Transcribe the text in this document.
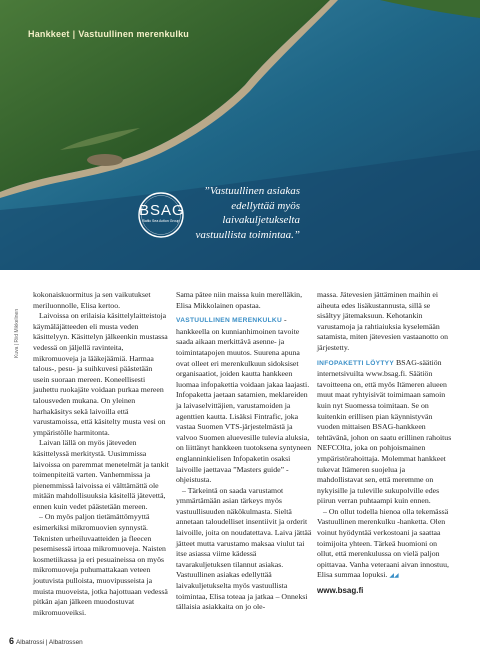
Hankkeet | Vastuullinen merenkulku
BSAG
Baltic Sea Action Group
”Vastuullinen asiakas edellyttää myös laivakuljetukselta vastuullista toimintaa.”
Kuva | Riid Mikkelinen

kokonaiskuormitus ja sen vaikutukset meriluonnolle, Elisa kertoo.

Laivoissa on erilaisia käsittelylaitteistoja käymäläjätteeden eli musta veden käsittelyyn. Käsittelyn jälkeenkin mustassa vedessä on jäljellä ravinteita, mikromuoveja ja lääkejäämiä. Harmaa talous-, pesu- ja suihkuvesi päästetään usein suoraan mereen. Koneellisesti jauhettu ruokajäte voidaan purkaa mereen talousveden mukana. On yleinen harhakäsitys sekä laivoilla että varustamoissa, että käsitelty musta vesi on ympäristölle harmitonta.

Laivan lällä on myös jäteveden käsittelyssä merkitystä. Uusimmissa laivoissa on paremmat menetelmät ja tankit toimenpiteitä varten. Vanhemmissa ja pienemmissä laivoissa ei välttämättä ole mitään mahdollisuuksia käsitellä jätevettä, ennen kuin vedet päästetään mereen.

– On myös paljon tietämättömyyttä esimerkiksi mikromuovien synnystä. Teknisten urheiluvaatteiden ja fleecen pesemisessä irtoaa mikromuoveja. Naisten kosmetiikassa ja eri pesuaineissa on myös mikromuoveja puhumattakaan veteen joutuvista pulloista, muovipusseista ja muista muoveista, jotka hajottuaan vedessä pitkän ajan jälkeen muodostuvat mikromuoveiksi.

Sama pätee niin maissa kuin merelläkin, Elisa Mikkolainen opastaa.

VASTUULLINEN MERENKULKU -hankkeella on kunnianhimoinen tavoite saada aikaan merkittävä asenne- ja toimintatapojen muutos. Suurena apuna ovat olleet eri merenkulkuun sidoksiset organisaatiot, joiden kautta hankkeen luomaa infopakettia voidaan jakaa laajasti. Infopaketta jaetaan satamien, meklareiden ja laivaselvittäjien, varustamoiden ja agenttien kautta. Lisäksi Fintrafic, joka vastaa Suomen VTS-järjestelmästä ja valvoo Suomen aluevesille tulevia aluksia, on liittänyt hankkeen tuotoksena syntyneen englanninkielisen Infopaketin osaksi laivoille jaettavaa ”Masters guide” -ohjeistusta.

– Tärkeintä on saada varustamot ymmärtämään asian tärkeys myös vastuullisuuden näkökulmasta. Sieltä annetaan taloudelliset insentiivit ja orderit laivoille, joita on noudatettava. Laiva jättää jätteet mutta varustamo maksaa viulut tai itse asiassa viime kädessä tavarakuljetuksen tilannut asiakas. Vastuullinen asiakas edellyttää laivakuljetukselta myös vastuullista toimintaa, Elisa toteaa ja jatkaa – Onneksi tällaisia asiakkaita on jo ole-

massa. Jätevesien jättäminen maihin ei aiheuta edes lisäkustannusta, sillä se sisältyy jätemaksuun. Kehotankin varustamoja ja rahtiaiuksia kyselemään satamista, miten jätevesien vastaanotto on järjestetty.

INFOPAKETTI LÖYTYY BSAG-säätiön internetsivuilta www.bsag.fi. Säätiön tavoitteena on, että myös Itämeren alueen muut maat ryhtyisivät toimimaan samoin kuin nyt Suomessa toimitaan. Se on kuitenkin erillisen pian käynnistyvän vuoden mittaisen BSAG-hankkeen tehtävänä, johon on saatu erillinen rahoitus NEFCOlta, joka on pohjoismainen ympäristörahoittaja. Molemmat hankkeet tukevat Itämeren suojelua ja mahdollistavat sen, että meremme on nykyisille ja tuleville sukupolville edes piirun verran puhtaampi kuin ennen.

– On ollut todella hienoa olla tekemässä Vastuullinen merenkulku -hanketta. Olen voinut hyödyntää verkostoani ja saattaa toimijoita yhteen. Tärkeä huomioni on ollut, että merenkulussa on vielä paljon opittavaa. Vanha veteraani aivan innostuu, Elisa summaa lopuksi. ◢◢

www.bsag.fi
6 Albatrossi | Albatrossen
